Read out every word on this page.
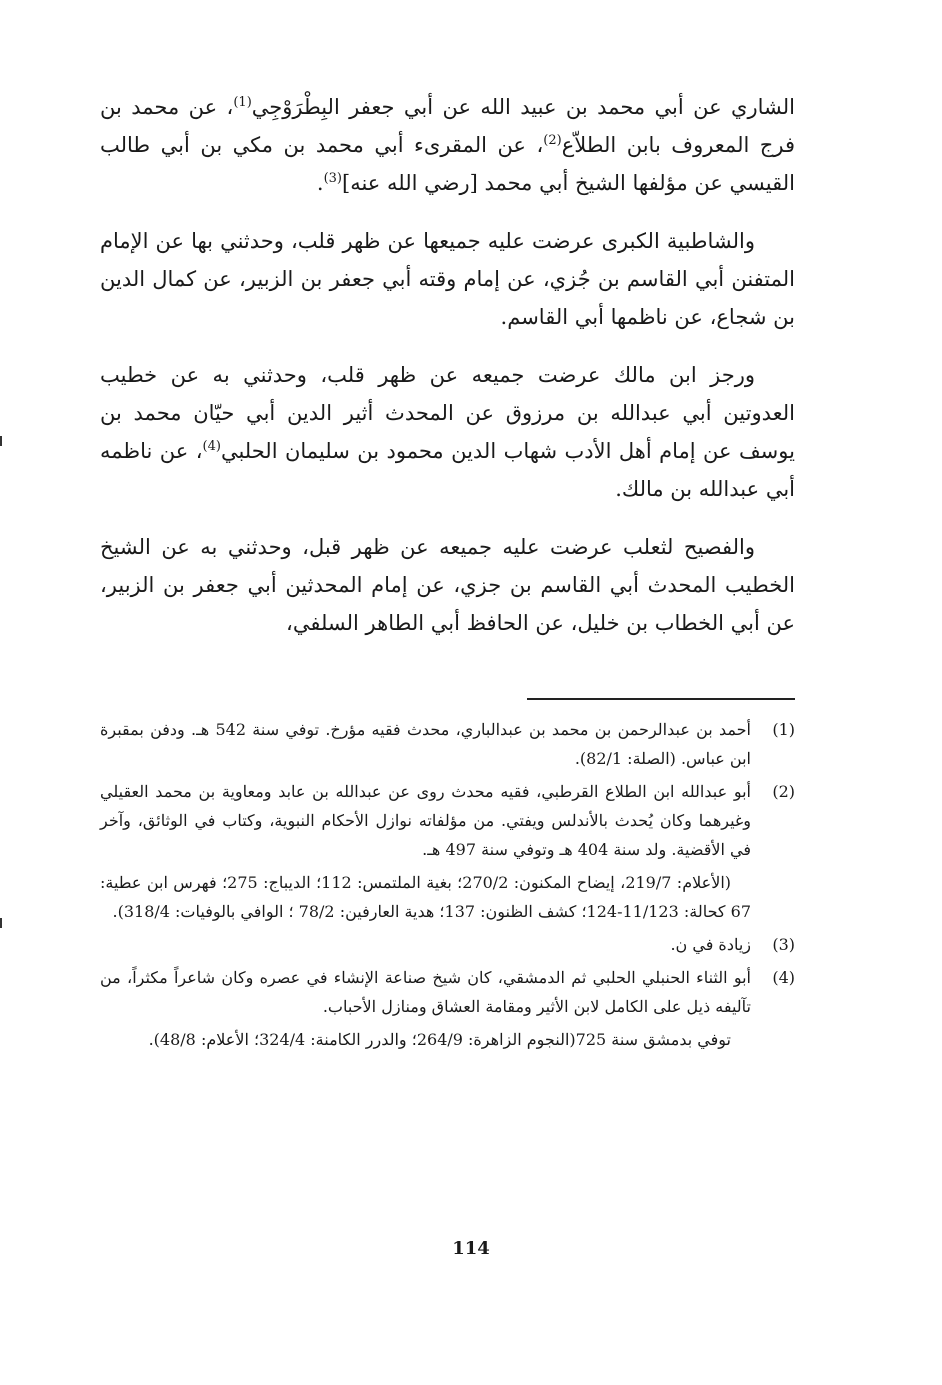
الشاري عن أبي محمد بن عبيد الله عن أبي جعفر البِطْرَوْجِي$^{(1)}$، عن محمد بن فرج المعروف بابن الطلاّع$^{(2)}$، عن المقرىء أبي محمد بن مكي بن أبي طالب القيسي عن مؤلفها الشيخ أبي محمد [رضي الله عنه]$^{(3)}$.

والشاطبية الكبرى عرضت عليه جميعها عن ظهر قلب، وحدثني بها عن الإمام المتفنن أبي القاسم بن جُزي، عن إمام وقته أبي جعفر بن الزبير، عن كمال الدين بن شجاع، عن ناظمها أبي القاسم.

ورجز ابن مالك عرضت جميعه عن ظهر قلب، وحدثني به عن خطيب العدوتين أبي عبدالله بن مرزوق عن المحدث أثير الدين أبي حيّان محمد بن يوسف عن إمام أهل الأدب شهاب الدين محمود بن سليمان الحلبي$^{(4)}$، عن ناظمه أبي عبدالله بن مالك.

والفصيح لثعلب عرضت عليه جميعه عن ظهر قبل، وحدثني به عن الشيخ الخطيب المحدث أبي القاسم بن جزي، عن إمام المحدثين أبي جعفر بن الزبير، عن أبي الخطاب بن خليل، عن الحافظ أبي الطاهر السلفي،

(1)

أحمد بن عبدالرحمن بن محمد بن عبدالباري، محدث فقيه مؤرخ. توفي سنة 542 هـ. ودفن بمقبرة ابن عباس. (الصلة: 82/1).

(2)

أبو عبدالله ابن الطلاع القرطبي، فقيه محدث روى عن عبدالله بن عابد ومعاوية بن محمد العقيلي وغيرهما وكان يُحدث بالأندلس ويفتي. من مؤلفاته نوازل الأحكام النبوية، وكتاب في الوثائق، وآخر في الأقضية. ولد سنة 404 هـ وتوفي سنة 497 هـ.

(الأعلام: 219/7، إيضاح المكنون: 270/2؛ بغية الملتمس: 112؛ الديباج: 275؛ فهرس ابن عطية: 67 كحالة: 11/123-124؛ كشف الظنون: 137؛ هدية العارفين: 78/2 ؛ الوافي بالوفيات: 318/4).

(3)

زيادة في ن.

(4)

أبو الثناء الحنبلي الحلبي ثم الدمشقي، كان شيخ صناعة الإنشاء في عصره وكان شاعراً مكثراً، من تآليفه ذيل على الكامل لابن الأثير ومقامة العشاق ومنازل الأحباب.

توفي بدمشق سنة 725(النجوم الزاهرة: 264/9؛ والدرر الكامنة: 324/4؛ الأعلام: 48/8).

114
